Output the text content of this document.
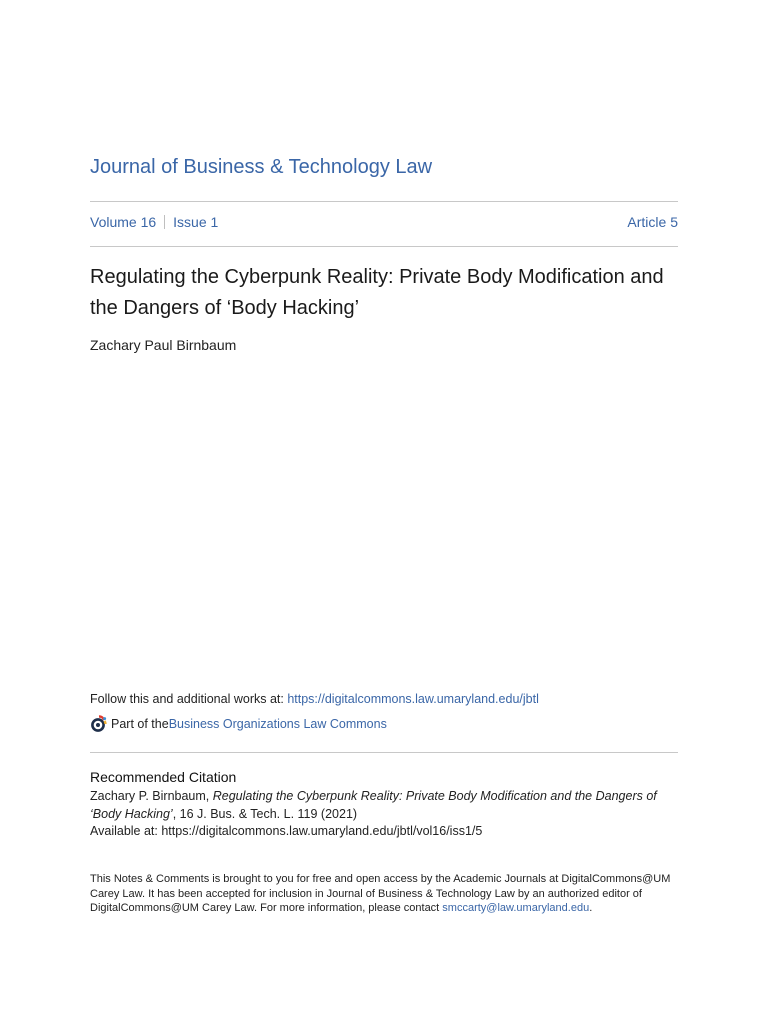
Journal of Business & Technology Law
Volume 16 Issue 1	Article 5
Regulating the Cyberpunk Reality: Private Body Modification and the Dangers of ‘Body Hacking’
Zachary Paul Birnbaum
Follow this and additional works at: https://digitalcommons.law.umaryland.edu/jbtl
Part of the Business Organizations Law Commons
Recommended Citation
Zachary P. Birnbaum, Regulating the Cyberpunk Reality: Private Body Modification and the Dangers of ‘Body Hacking’, 16 J. Bus. & Tech. L. 119 (2021)
Available at: https://digitalcommons.law.umaryland.edu/jbtl/vol16/iss1/5
This Notes & Comments is brought to you for free and open access by the Academic Journals at DigitalCommons@UM Carey Law. It has been accepted for inclusion in Journal of Business & Technology Law by an authorized editor of DigitalCommons@UM Carey Law. For more information, please contact smccarty@law.umaryland.edu.
